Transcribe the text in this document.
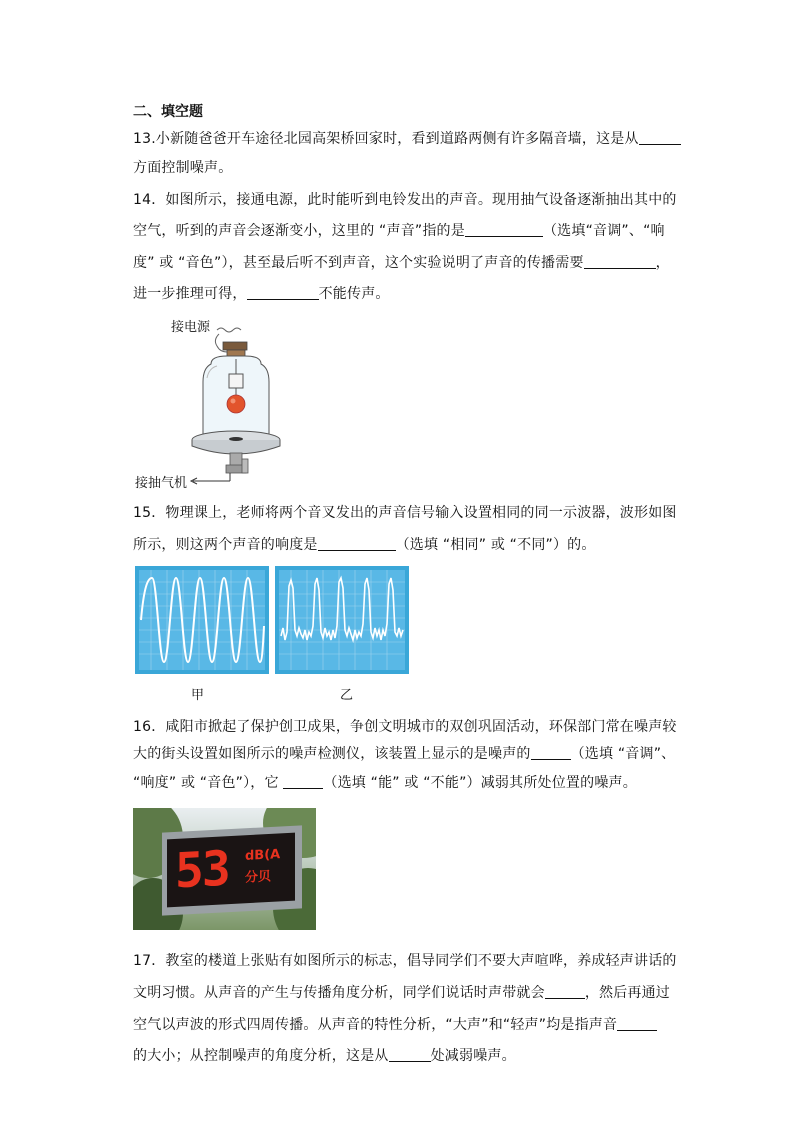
二、填空题
13.小新随爸爸开车途径北园高架桥回家时，看到道路两侧有许多隔音墙，这是从
方面控制噪声。
14．如图所示，接通电源，此时能听到电铃发出的声音。现用抽气设备逐渐抽出其中的
空气，听到的声音会逐渐变小，这里的 “声音”指的是	（选填“音调”、“响
度” 或 “音色”），甚至最后听不到声音，这个实验说明了声音的传播需要	，
进一步推理可得，	不能传声。
接电源
接抽气机
15．物理课上，老师将两个音叉发出的声音信号输入设置相同的同一示波器，波形如图
所示，则这两个声音的响度是	（选填 “相同” 或 “不同”）的。
甲	乙
16．咸阳市掀起了保护创卫成果，争创文明城市的双创巩固活动，环保部门常在噪声较
大的街头设置如图所示的噪声检测仪，该装置上显示的是噪声的	（选填 “音调”、
“响度” 或 “音色”），它	（选填 “能” 或 “不能”）减弱其所处位置的噪声。
53 dB(A
分贝
17．教室的楼道上张贴有如图所示的标志，倡导同学们不要大声喧哗，养成轻声讲话的
文明习惯。从声音的产生与传播角度分析，同学们说话时声带就会	，然后再通过
空气以声波的形式四周传播。从声音的特性分析，“大声”和“轻声”均是指声音
的大小；从控制噪声的角度分析，这是从	处减弱噪声。
